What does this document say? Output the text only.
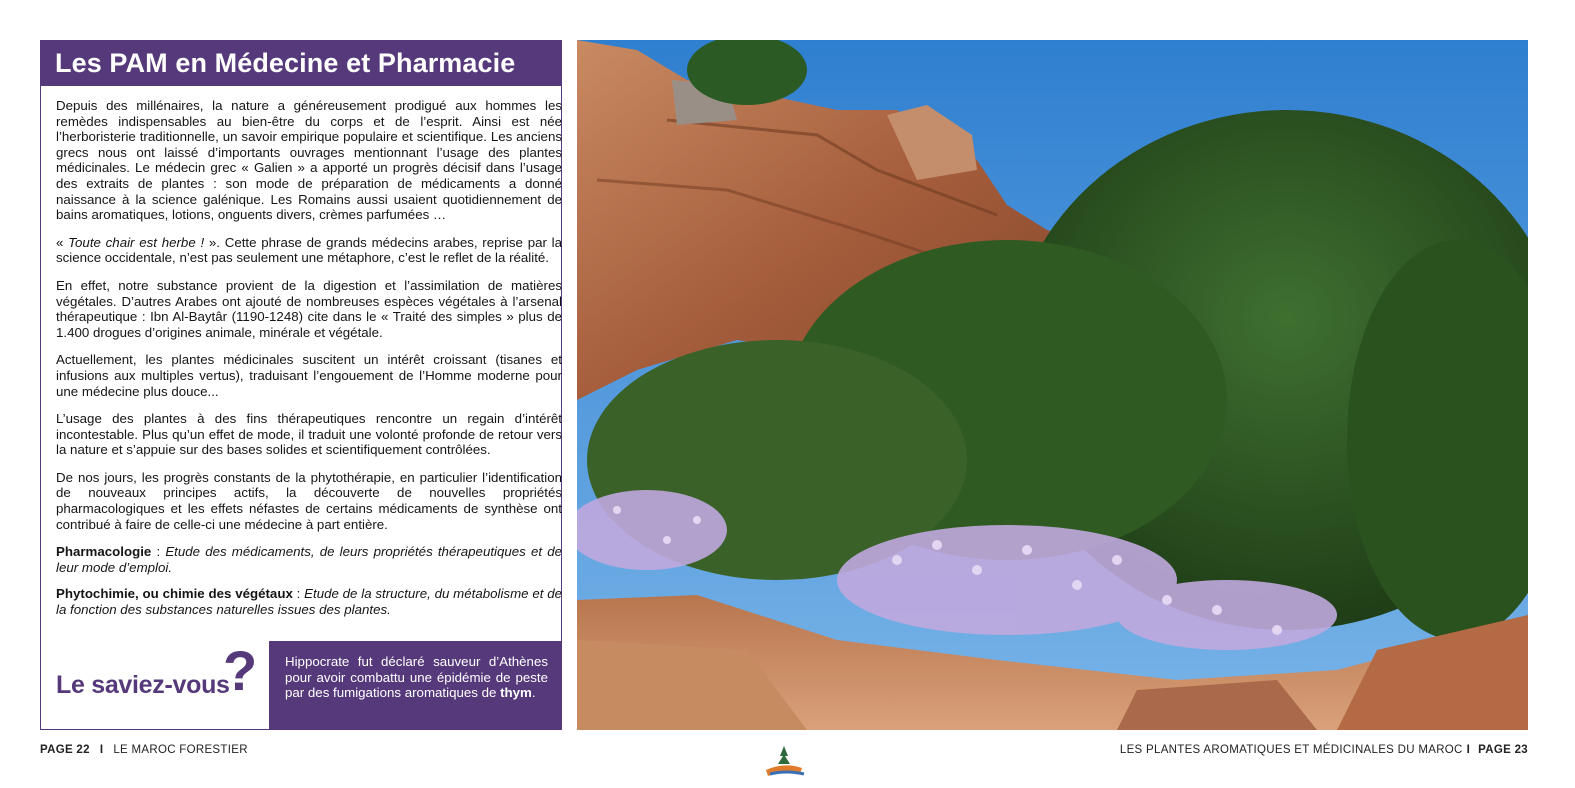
Les PAM en Médecine et Pharmacie

Depuis des millénaires, la nature a généreusement prodigué aux hommes les remèdes indispensables au bien-être du corps et de l’esprit. Ainsi est née l’herboristerie traditionnelle, un savoir empirique populaire et scientifique. Les anciens grecs nous ont laissé d’importants ouvrages mentionnant l’usage des plantes médicinales. Le médecin grec « Galien » a apporté un progrès décisif dans l’usage des extraits de plantes : son mode de préparation de médicaments a donné naissance à la science galénique. Les Romains aussi usaient quotidiennement de bains aromatiques, lotions, onguents divers, crèmes parfumées …

« Toute chair est herbe ! ». Cette phrase de grands médecins arabes, reprise par la science occidentale, n’est pas seulement une métaphore, c’est le reflet de la réalité.

En effet, notre substance provient de la digestion et l’assimilation de matières végétales. D’autres Arabes ont ajouté de nombreuses espèces végétales à l’arsenal thérapeutique : Ibn Al-Baytâr (1190-1248) cite dans le « Traité des simples » plus de 1.400 drogues d’origines animale, minérale et végétale.

Actuellement, les plantes médicinales suscitent un intérêt croissant (tisanes et infusions aux multiples vertus), traduisant l’engouement de l’Homme moderne pour une médecine plus douce...

L’usage des plantes à des fins thérapeutiques rencontre un regain d’intérêt incontestable. Plus qu’un effet de mode, il traduit une volonté profonde de retour vers la nature et s’appuie sur des bases solides et scientifiquement contrôlées.

De nos jours, les progrès constants de la phytothérapie, en particulier l’identification de nouveaux principes actifs, la découverte de nouvelles propriétés pharmacologiques et les effets néfastes de certains médicaments de synthèse ont contribué à faire de celle-ci une médecine à part entière.

Pharmacologie : Etude des médicaments, de leurs propriétés thérapeutiques et de leur mode d’emploi.

Phytochimie, ou chimie des végétaux : Etude de la structure, du métabolisme et de la fonction des substances naturelles issues des plantes.

Le saviez-vous
?	Hippocrate fut déclaré sauveur d’Athènes pour avoir combattu une épidémie de peste par des fumigations aromatiques de thym.
PAGE 22 I LE MAROC FORESTIER	LES PLANTES AROMATIQUES ET MÉDICINALES DU MAROC I PAGE 23
